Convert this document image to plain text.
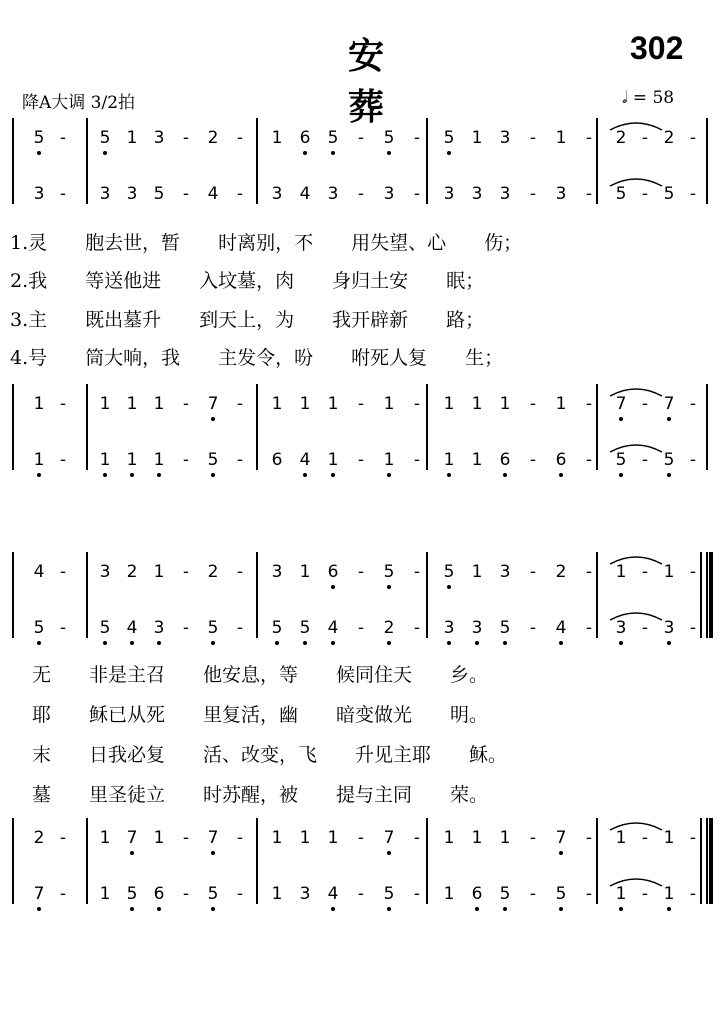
安　葬
302
降A大调 3/2拍	𝅗𝅥 = 58
5 -	5 1 3	-	2	-	1 6 5	-	5	-	5 1 3	-	1	-	2 - 2 -
3 -	3 3 5	-	4	-	3 4 3	-	3	-	3 3 3	-	3	-	5 - 5 -
1.灵　　胞去世，暂　　时离别，不　　用失望、心　　伤；
2.我　　等送他进　　入坟墓，肉　　身归土安　　眠；
3.主　　既出墓升　　到天上，为　　我开辟新　　路；
4.号　　筒大响，我　　主发令，吩　　咐死人复　　生；
1 -	1 1 1	-	7	-	1 1 1	-	1	-	1 1 1	-	1	-	7 - 7 -
1 -	1 1 1	-	5	-	6 4 1	-	1	-	1 1 6	-	6	-	5 - 5 -
4 -	3 2 1	-	2	-	3 1 6	-	5	-	5 1 3	-	2	-	1 - 1 -
5 -	5 4 3	-	5	-	5 5 4	-	2	-	3 3 5	-	4	-	3 - 3 -
无　　非是主召　　他安息，等　　候同住天　　乡。
耶　　稣已从死　　里复活，幽　　暗变做光　　明。
末　　日我必复　　活、改变，飞　　升见主耶　　稣。
墓　　里圣徒立　　时苏醒，被　　提与主同　　荣。
2 -	1 7 1	-	7	-	1 1 1	-	7	-	1 1 1	-	7	-	1 - 1 -
7 -	1 5 6	-	5	-	1 3 4	-	5	-	1 6 5	-	5	-	1 - 1 -
